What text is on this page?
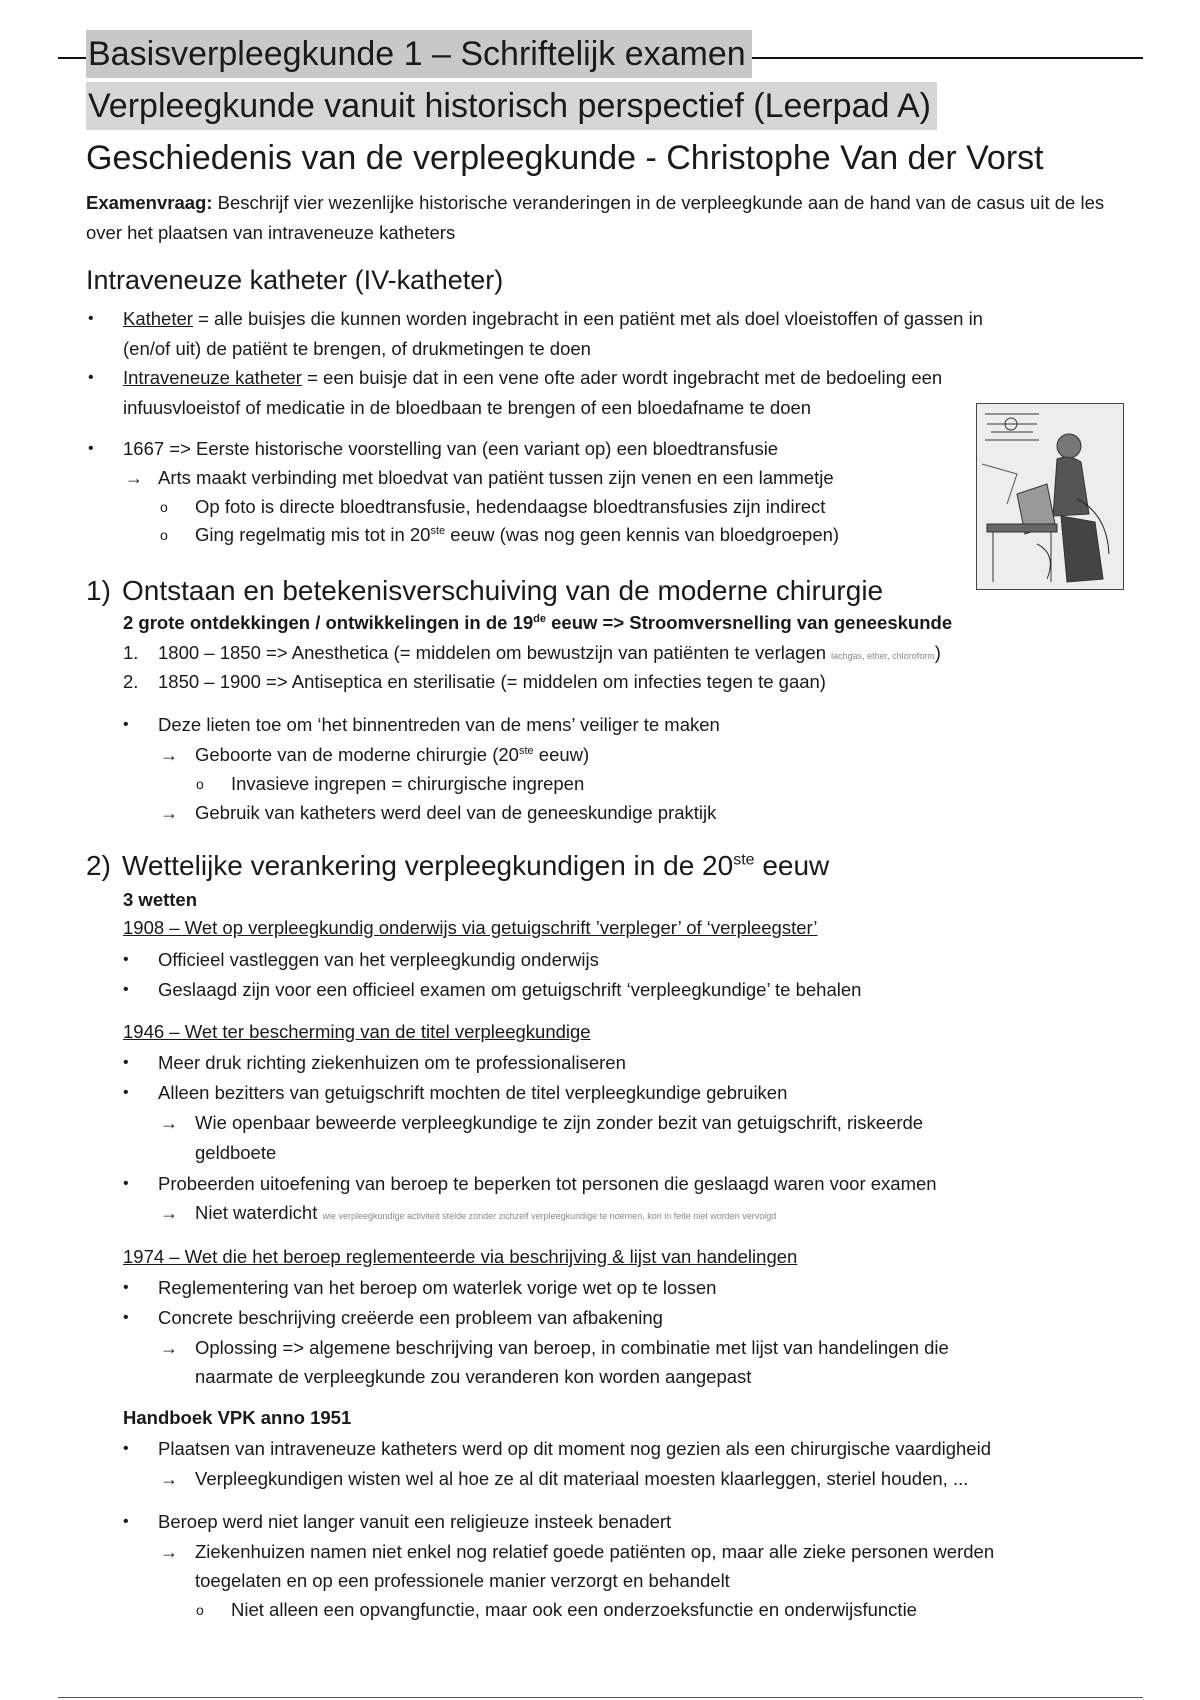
Basisverpleegkunde 1 – Schriftelijk examen
Verpleegkunde vanuit historisch perspectief (Leerpad A)
Geschiedenis van de verpleegkunde - Christophe Van der Vorst
Examenvraag: Beschrijf vier wezenlijke historische veranderingen in de verpleegkunde aan de hand van de casus uit de les over het plaatsen van intraveneuze katheters
Intraveneuze katheter (IV-katheter)
• Katheter = alle buisjes die kunnen worden ingebracht in een patiënt met als doel vloeistoffen of gassen in
(en/of uit) de patiënt te brengen, of drukmetingen te doen
• Intraveneuze katheter = een buisje dat in een vene ofte ader wordt ingebracht met de bedoeling een
infuusvloeistof of medicatie in de bloedbaan te brengen of een bloedafname te doen
• 1667 => Eerste historische voorstelling van (een variant op) een bloedtransfusie
→ Arts maakt verbinding met bloedvat van patiënt tussen zijn venen en een lammetje
o Op foto is directe bloedtransfusie, hedendaagse bloedtransfusies zijn indirect
o Ging regelmatig mis tot in 20ste eeuw (was nog geen kennis van bloedgroepen)
1) Ontstaan en betekenisverschuiving van de moderne chirurgie
2 grote ontdekkingen / ontwikkelingen in de 19de eeuw => Stroomversnelling van geneeskunde
1. 1800 – 1850 => Anesthetica (= middelen om bewustzijn van patiënten te verlagen lachgas, ether, chloroform)
2. 1850 – 1900 => Antiseptica en sterilisatie (= middelen om infecties tegen te gaan)
• Deze lieten toe om ‘het binnentreden van de mens’ veiliger te maken
→ Geboorte van de moderne chirurgie (20ste eeuw)
o Invasieve ingrepen = chirurgische ingrepen
→ Gebruik van katheters werd deel van de geneeskundige praktijk
2) Wettelijke verankering verpleegkundigen in de 20ste eeuw
3 wetten
1908 – Wet op verpleegkundig onderwijs via getuigschrift ’verpleger’ of ‘verpleegster’
• Officieel vastleggen van het verpleegkundig onderwijs
• Geslaagd zijn voor een officieel examen om getuigschrift ‘verpleegkundige’ te behalen
1946 – Wet ter bescherming van de titel verpleegkundige
• Meer druk richting ziekenhuizen om te professionaliseren
• Alleen bezitters van getuigschrift mochten de titel verpleegkundige gebruiken
→ Wie openbaar beweerde verpleegkundige te zijn zonder bezit van getuigschrift, riskeerde
geldboete
• Probeerden uitoefening van beroep te beperken tot personen die geslaagd waren voor examen
→ Niet waterdicht wie verpleegkundige activiteit stelde zonder zichzelf verpleegkundige te noemen, kon in feite niet worden vervolgd
1974 – Wet die het beroep reglementeerde via beschrijving & lijst van handelingen
• Reglementering van het beroep om waterlek vorige wet op te lossen
• Concrete beschrijving creëerde een probleem van afbakening
→ Oplossing => algemene beschrijving van beroep, in combinatie met lijst van handelingen die
naarmate de verpleegkunde zou veranderen kon worden aangepast
Handboek VPK anno 1951
• Plaatsen van intraveneuze katheters werd op dit moment nog gezien als een chirurgische vaardigheid
→ Verpleegkundigen wisten wel al hoe ze al dit materiaal moesten klaarleggen, steriel houden, ...
• Beroep werd niet langer vanuit een religieuze insteek benadert
→ Ziekenhuizen namen niet enkel nog relatief goede patiënten op, maar alle zieke personen werden
toegelaten en op een professionele manier verzorgt en behandelt
o Niet alleen een opvangfunctie, maar ook een onderzoeksfunctie en onderwijsfunctie
